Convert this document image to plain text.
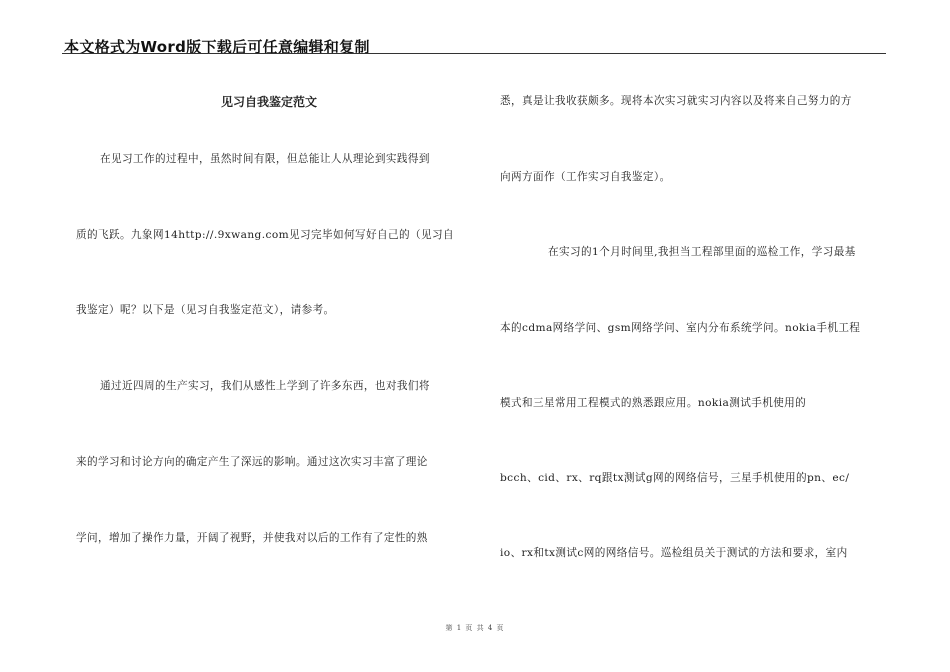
本文格式为Word版下载后可任意编辑和复制
见习自我鉴定范文
在见习工作的过程中，虽然时间有限，但总能让人从理论到实践得到
质的飞跃。九象网14http://.9xwang.com见习完毕如何写好自己的（见习自
我鉴定）呢？以下是（见习自我鉴定范文），请参考。
通过近四周的生产实习，我们从感性上学到了许多东西，也对我们将
来的学习和讨论方向的确定产生了深远的影响。通过这次实习丰富了理论
学问，增加了操作力量，开阔了视野，并使我对以后的工作有了定性的熟
悉，真是让我收获颇多。现将本次实习就实习内容以及将来自己努力的方
向两方面作（工作实习自我鉴定）。
在实习的1个月时间里,我担当工程部里面的巡检工作，学习最基
本的cdma网络学问、gsm网络学问、室内分布系统学问。nokia手机工程
模式和三星常用工程模式的熟悉跟应用。nokia测试手机使用的
bcch、cid、rx、rq跟tx测试g网的网络信号，三星手机使用的pn、ec/
io、rx和tx测试c网的网络信号。巡检组员关于测试的方法和要求，室内
第 1 页 共 4 页
